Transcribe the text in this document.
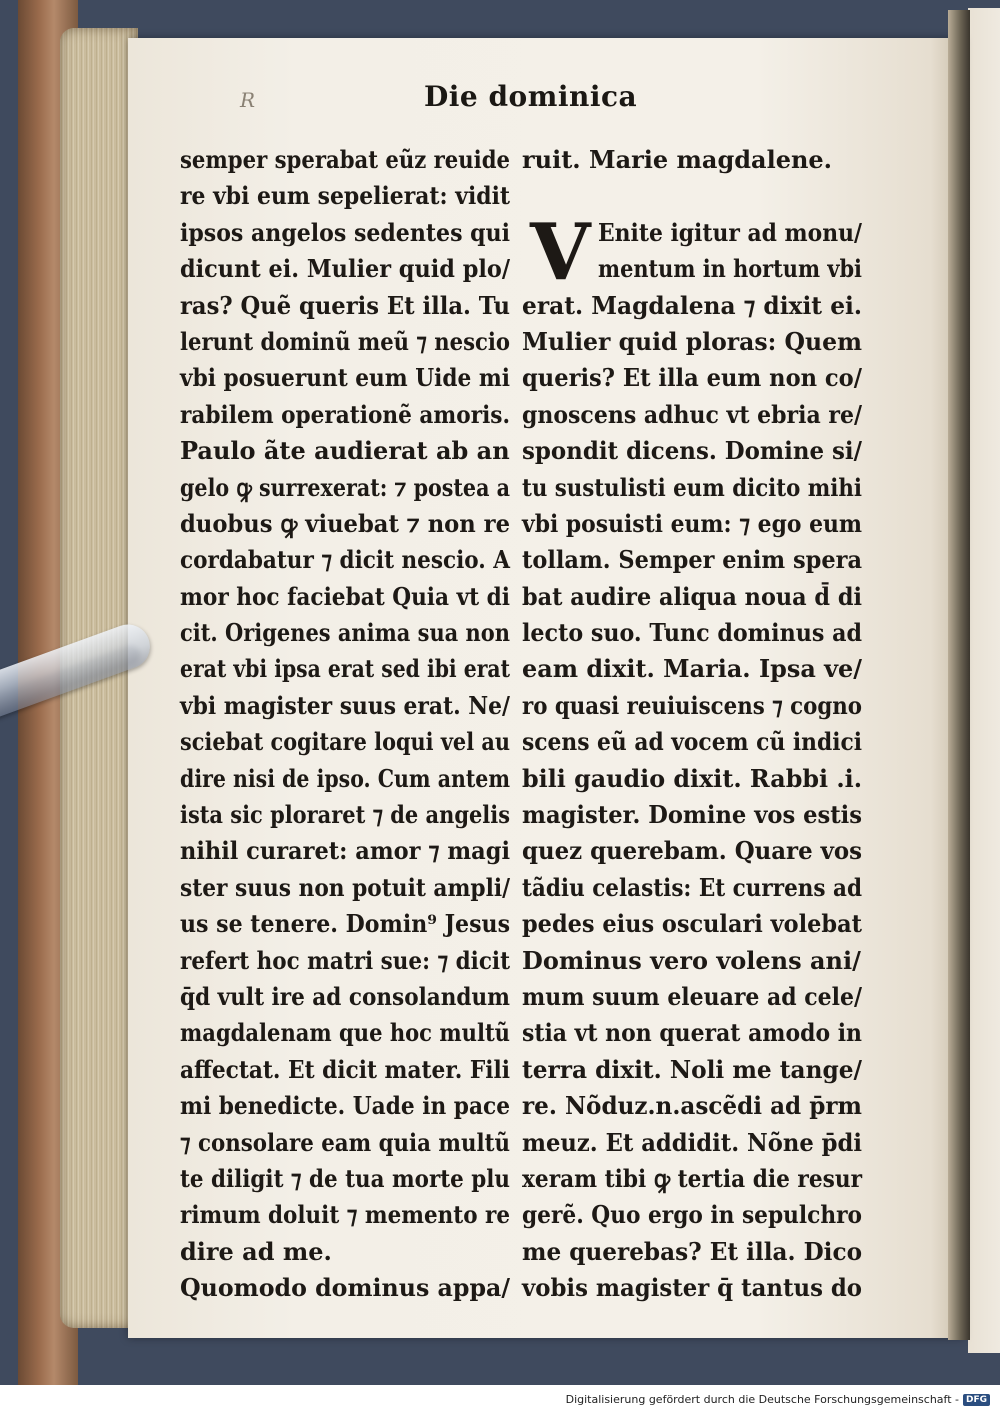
R	Die dominica
semper sperabat eũz reuide
re vbi eum sepelierat: vidit
ipsos angelos sedentes qui
dicunt ei. Mulier quid plo/
ras? Quẽ queris Et illa. Tu
lerunt dominũ meũ ⁊ nescio
vbi posuerunt eum Uide mi
rabilem operationẽ amoris.
Paulo ãte audierat ab an
gelo ꝙ surrexerat: ⁊ postea a
duobus ꝙ viuebat ⁊ non re
cordabatur ⁊ dicit nescio. A
mor hoc faciebat Quia vt di
cit. Origenes anima sua non
erat vbi ipsa erat sed ibi erat
vbi magister suus erat. Ne/
sciebat cogitare loqui vel au
dire nisi de ipso. Cum antem
ista sic ploraret ⁊ de angelis
nihil curaret: amor ⁊ magi
ster suus non potuit ampli/
us se tenere. Domin⁹ Jesus
refert hoc matri sue: ⁊ dicit
q̄d vult ire ad consolandum
magdalenam que hoc multũ
affectat. Et dicit mater. Fili
mi benedicte. Uade in pace
⁊ consolare eam quia multũ
te diligit ⁊ de tua morte plu
rimum doluit ⁊ memento re
dire ad me.
Quomodo dominus appa/
V
ruit. Marie magdalene.
Enite igitur ad monu/
mentum in hortum vbi
erat. Magdalena ⁊ dixit ei.
Mulier quid ploras: Quem
queris? Et illa eum non co/
gnoscens adhuc vt ebria re/
spondit dicens. Domine si/
tu sustulisti eum dicito mihi
vbi posuisti eum: ⁊ ego eum
tollam. Semper enim spera
bat audire aliqua noua d̄ di
lecto suo. Tunc dominus ad
eam dixit. Maria. Ipsa ve/
ro quasi reuiuiscens ⁊ cogno
scens eũ ad vocem cũ indici
bili gaudio dixit. Rabbi .i.
magister. Domine vos estis
quez querebam. Quare vos
tãdiu celastis: Et currens ad
pedes eius osculari volebat
Dominus vero volens ani/
mum suum eleuare ad cele/
stia vt non querat amodo in
terra dixit. Noli me tange/
re. Nõduz.n.ascẽdi ad p̄rm
meuz. Et addidit. Nõne p̄di
xeram tibi ꝙ tertia die resur
gerẽ. Quo ergo in sepulchro
me querebas? Et illa. Dico
vobis magister q̄ tantus do
Digitalisierung gefördert durch die Deutsche Forschungsgemeinschaft - DFG
